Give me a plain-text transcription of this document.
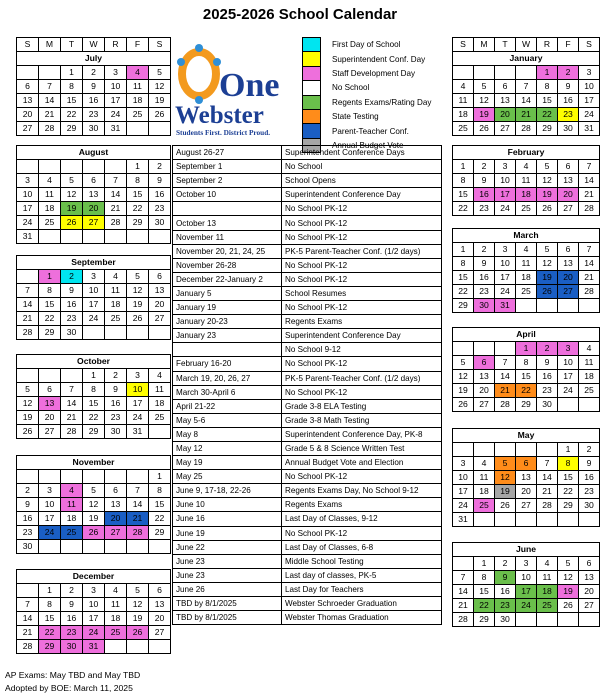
2025-2026 School Calendar
One
Webster
Students First. District Proud.
	First Day of School
	Superintendent Conf. Day
	Staff Development Day
	No School
	Regents Exams/Rating Day
	State Testing
	Parent-Teacher Conf.
	Annual Budget Vote
S	M	T	W	R	F	S
July						
		1	2	3	4	5
6	7	8	9	10	11	12
13	14	15	16	17	18	19
20	21	22	23	24	25	26
27	28	29	30	31		
August						
					1	2
3	4	5	6	7	8	9
10	11	12	13	14	15	16
17	18	19	20	21	22	23
24	25	26	27	28	29	30
31						
September						
	1	2	3	4	5	6
7	8	9	10	11	12	13
14	15	16	17	18	19	20
21	22	23	24	25	26	27
28	29	30				
October						
			1	2	3	4
5	6	7	8	9	10	11
12	13	14	15	16	17	18
19	20	21	22	23	24	25
26	27	28	29	30	31	
November						
						1
2	3	4	5	6	7	8
9	10	11	12	13	14	15
16	17	18	19	20	21	22
23	24	25	26	27	28	29
30						
December						
	1	2	3	4	5	6
7	8	9	10	11	12	13
14	15	16	17	18	19	20
21	22	23	24	25	26	27
28	29	30	31			
S	M	T	W	R	F	S
January						
				1	2	3
4	5	6	7	8	9	10
11	12	13	14	15	16	17
18	19	20	21	22	23	24
25	26	27	28	29	30	31
February						
1	2	3	4	5	6	7
8	9	10	11	12	13	14
15	16	17	18	19	20	21
22	23	24	25	26	27	28
March						
1	2	3	4	5	6	7
8	9	10	11	12	13	14
15	16	17	18	19	20	21
22	23	24	25	26	27	28
29	30	31				
April						
			1	2	3	4
5	6	7	8	9	10	11
12	13	14	15	16	17	18
19	20	21	22	23	24	25
26	27	28	29	30		
May						
					1	2
3	4	5	6	7	8	9
10	11	12	13	14	15	16
17	18	19	20	21	22	23
24	25	26	27	28	29	30
31						
June						
	1	2	3	4	5	6
7	8	9	10	11	12	13
14	15	16	17	18	19	20
21	22	23	24	25	26	27
28	29	30				
August 26-27	Superintendent Conference Days
September 1	No School
September 2	School Opens
October 10	Superintendent Conference Day
	No School PK-12
October 13	No School PK-12
November 11	No School PK-12
November 20, 21, 24, 25	PK-5 Parent-Teacher Conf. (1/2 days)
November 26-28	No School PK-12
December 22-January 2	No School PK-12
January 5	School Resumes
January 19	No School PK-12
January 20-23	Regents Exams
January 23	Superintendent Conference Day
	No School 9-12
February 16-20	No School PK-12
March 19, 20, 26, 27	PK-5 Parent-Teacher Conf. (1/2 days)
March 30-April 6	No School PK-12
April 21-22	Grade 3-8 ELA Testing
May 5-6	Grade 3-8 Math Testing
May 8	Superintendent Conference Day, PK-8
May 12	Grade 5 & 8 Science Written Test
May 19	Annual Budget Vote and Election
May 25	No School PK-12
June 9, 17-18, 22-26	Regents Exams Day, No School 9-12
June 10	Regents Exams
June 16	Last Day of Classes, 9-12
June 19	No School PK-12
June 22	Last Day of Classes, 6-8
June 23	Middle School Testing
June 23	Last day of classes, PK-5
June 26	Last Day for Teachers
TBD by 8/1/2025	Webster Schroeder Graduation
TBD by 8/1/2025	Webster Thomas Graduation
AP Exams: May TBD and May TBD
Adopted by BOE: March 11, 2025
